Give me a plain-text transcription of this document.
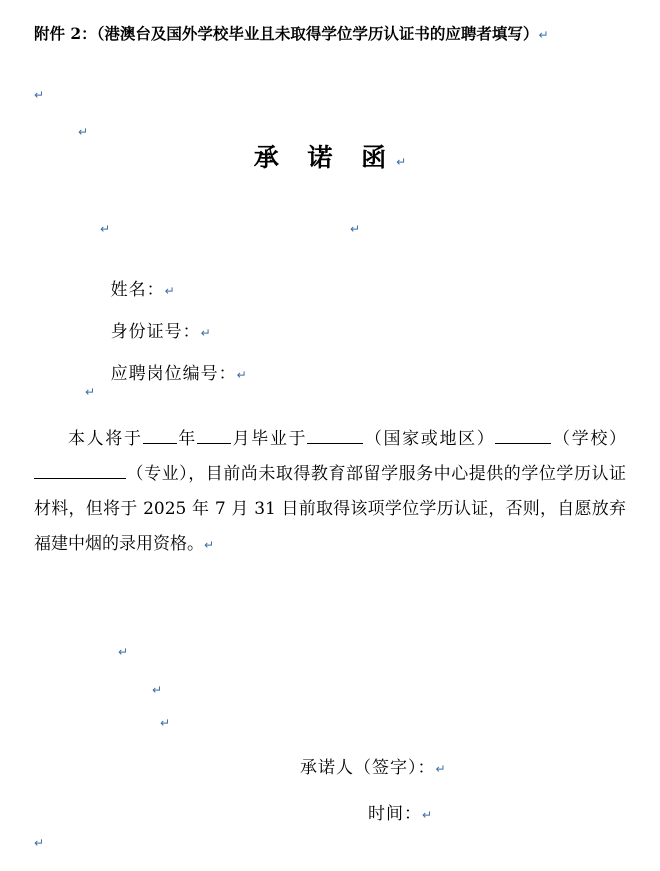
附件 2：（港澳台及国外学校毕业且未取得学位学历认证书的应聘者填写）↵
↵
↵
承 诺 函↵
↵	↵

姓名：↵

身份证号：↵

应聘岗位编号：↵

↵

本人将于 年 月毕业于	（国家或地区）	（学校）（专业），目前尚未取得教育部留学服务中心提供的学位学历认证材料，但将于 2025 年 7 月 31 日前取得该项学位学历认证，否则，自愿放弃福建中烟的录用资格。↵

↵
↵
↵
承诺人（签字）：↵
时间：↵
↵
